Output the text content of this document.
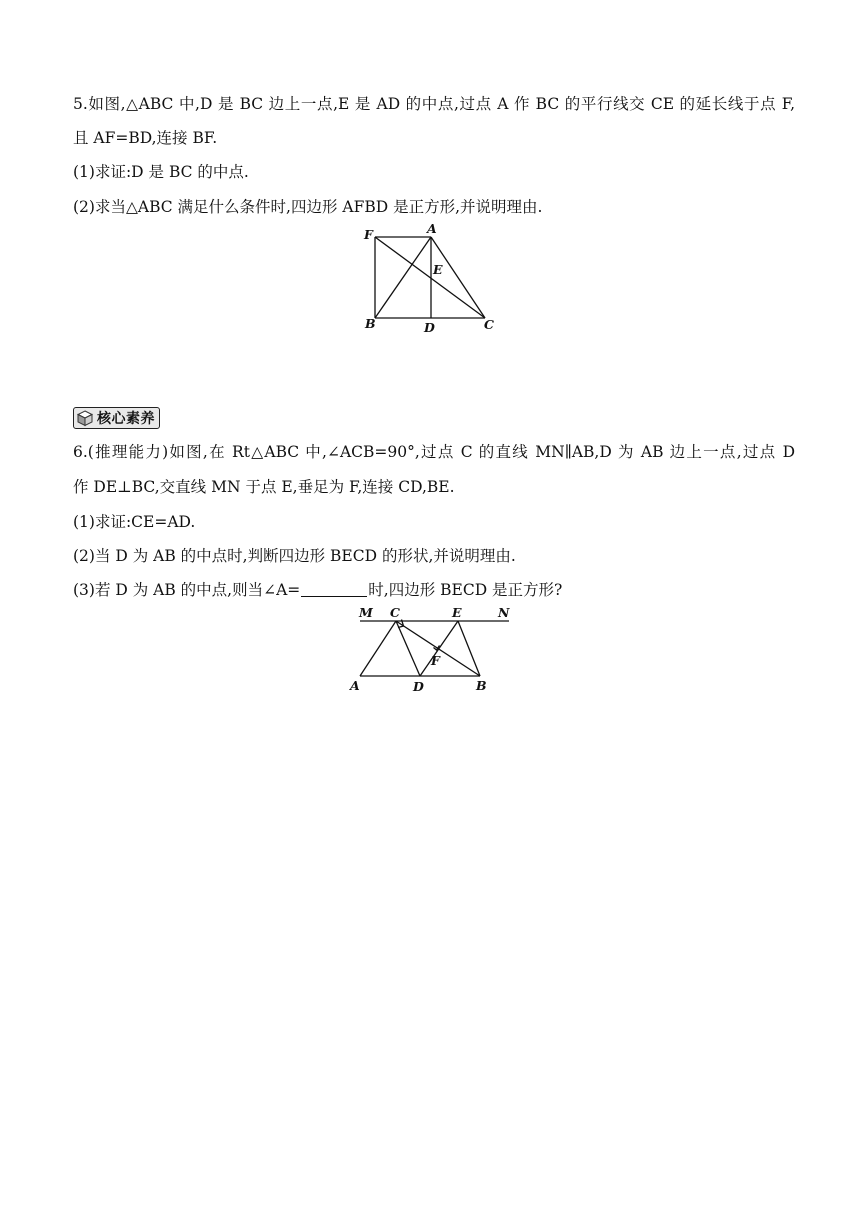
5.如图,△ABC 中,D 是 BC 边上一点,E 是 AD 的中点,过点 A 作 BC 的平行线交 CE 的延长线于点 F,

且 AF=BD,连接 BF.

(1)求证:D 是 BC 的中点.

(2)求当△ABC 满足什么条件时,四边形 AFBD 是正方形,并说明理由.

F	A
E
B	D	C
核心素养

6.(推理能力)如图,在 Rt△ABC 中,∠ACB=90°,过点 C 的直线 MN∥AB,D 为 AB 边上一点,过点 D

作 DE⊥BC,交直线 MN 于点 E,垂足为 F,连接 CD,BE.

(1)求证:CE=AD.

(2)当 D 为 AB 的中点时,判断四边形 BECD 的形状,并说明理由.

(3)若 D 为 AB 的中点,则当∠A=	时,四边形 BECD 是正方形?

M C	E	N
F
A	D	B
